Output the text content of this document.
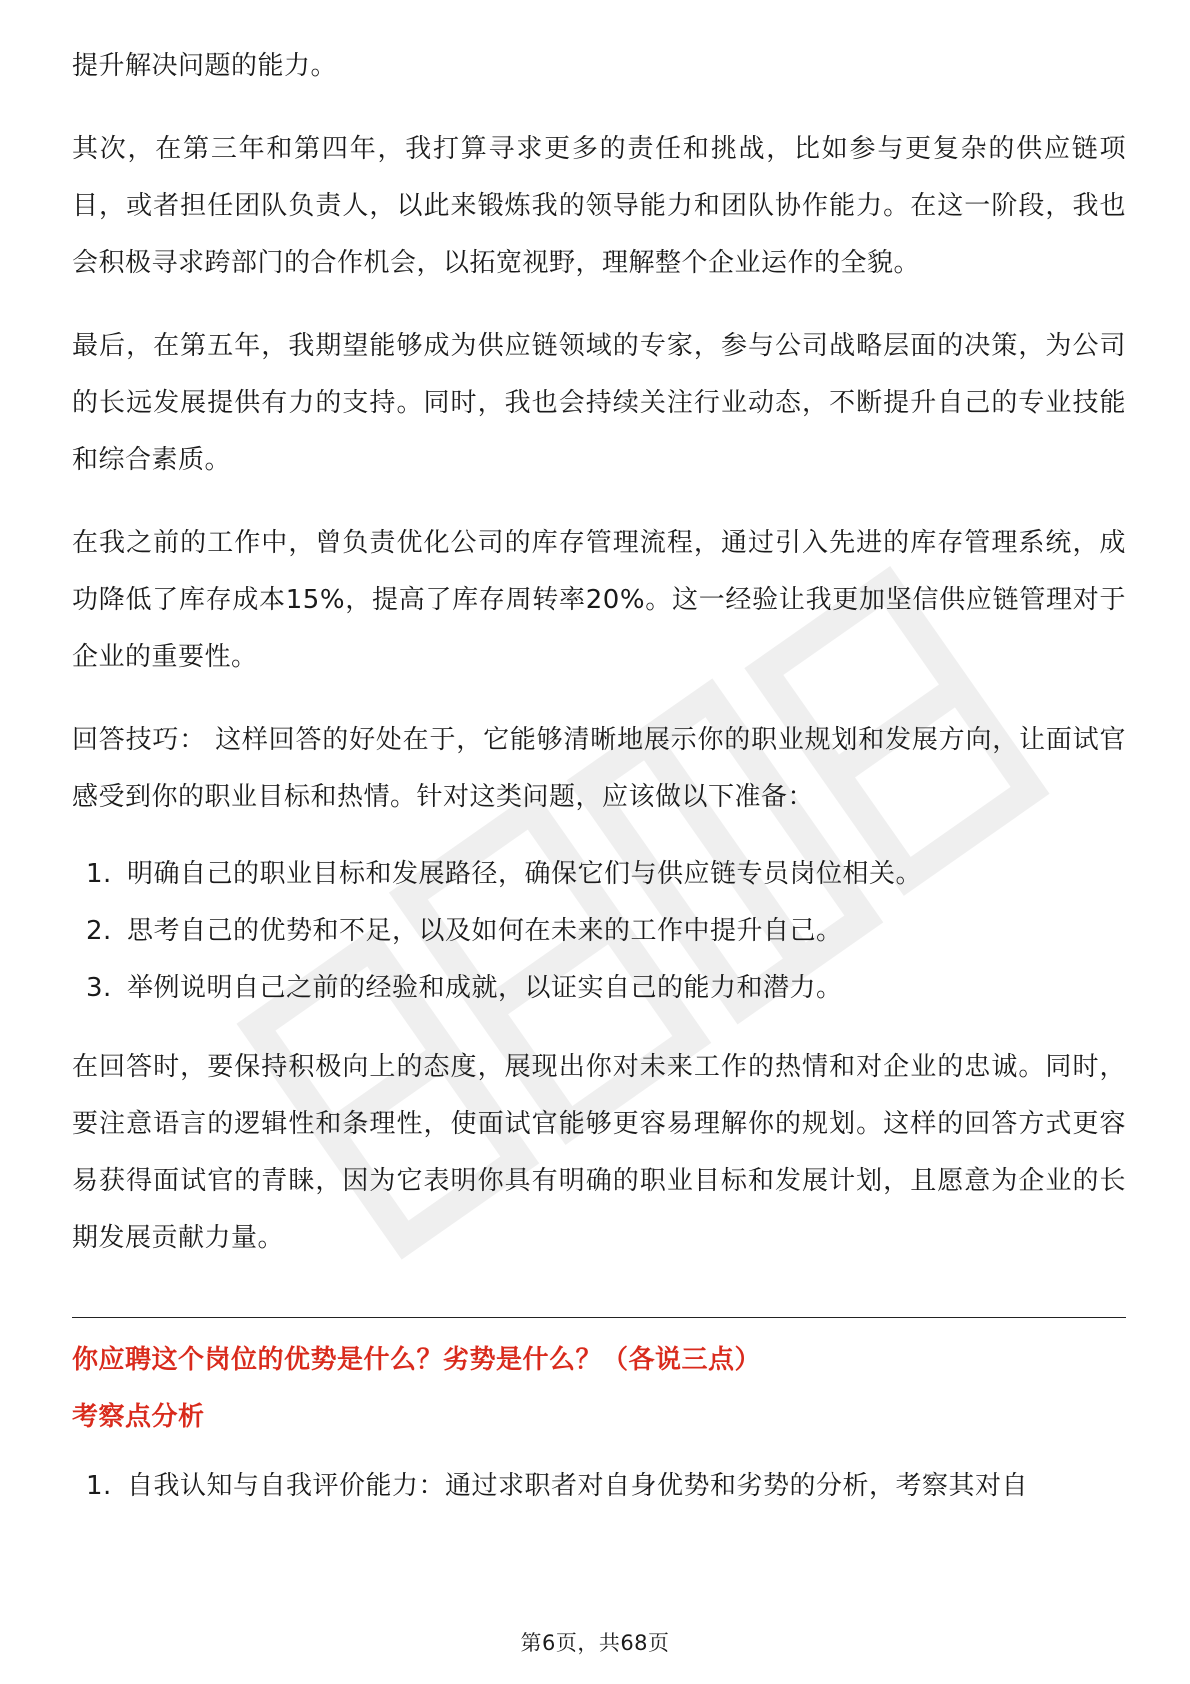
提升解决问题的能力。

其次，在第三年和第四年，我打算寻求更多的责任和挑战，比如参与更复杂的供应链项目，或者担任团队负责人，以此来锻炼我的领导能力和团队协作能力。在这一阶段，我也会积极寻求跨部门的合作机会，以拓宽视野，理解整个企业运作的全貌。

最后，在第五年，我期望能够成为供应链领域的专家，参与公司战略层面的决策，为公司的长远发展提供有力的支持。同时，我也会持续关注行业动态，不断提升自己的专业技能和综合素质。

在我之前的工作中，曾负责优化公司的库存管理流程，通过引入先进的库存管理系统，成功降低了库存成本15%，提高了库存周转率20%。这一经验让我更加坚信供应链管理对于企业的重要性。

回答技巧： 这样回答的好处在于，它能够清晰地展示你的职业规划和发展方向，让面试官感受到你的职业目标和热情。针对这类问题，应该做以下准备：

1. 明确自己的职业目标和发展路径，确保它们与供应链专员岗位相关。
2. 思考自己的优势和不足，以及如何在未来的工作中提升自己。
3. 举例说明自己之前的经验和成就，以证实自己的能力和潜力。

在回答时，要保持积极向上的态度，展现出你对未来工作的热情和对企业的忠诚。同时，要注意语言的逻辑性和条理性，使面试官能够更容易理解你的规划。这样的回答方式更容易获得面试官的青睐，因为它表明你具有明确的职业目标和发展计划，且愿意为企业的长期发展贡献力量。

你应聘这个岗位的优势是什么？劣势是什么？（各说三点）
考察点分析
1. 自我认知与自我评价能力：通过求职者对自身优势和劣势的分析，考察其对自
第6页，共68页
